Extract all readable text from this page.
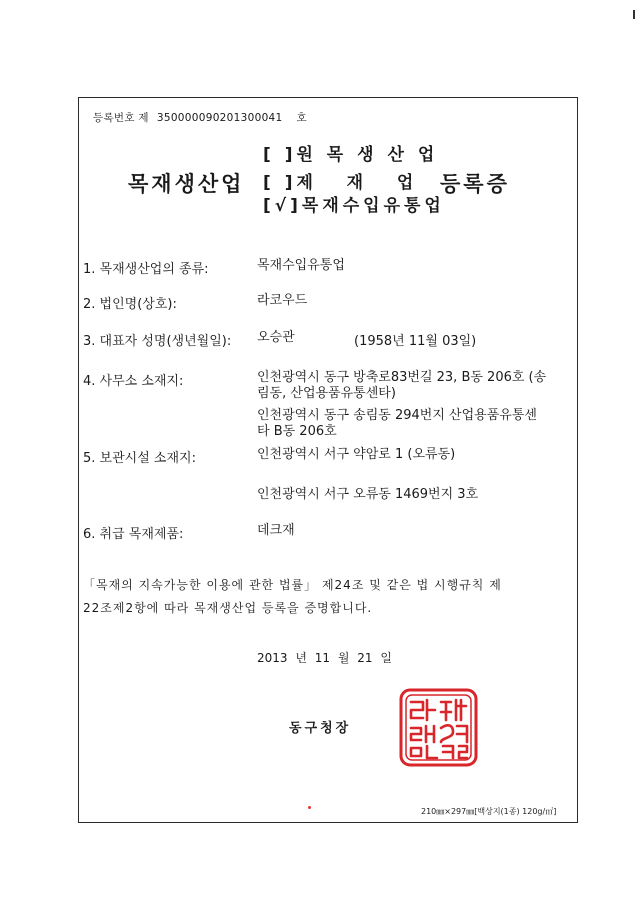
등록번호 제 350000090201300041 호
목재생산업
[ ]원 목 생 산 업
[ ]제   재   업
[√]목재수입유통업
등록증
1. 목재생산업의 종류:	목재수입유통업
2. 법인명(상호):	라코우드
3. 대표자 성명(생년월일): 오승관	(1958년 11월 03일)
4. 사무소 소재지:	인천광역시 동구 방축로83번길 23, B동 206호 (송
림동, 산업용품유통센타)
인천광역시 동구 송림동 294번지 산업용품유통센
타 B동 206호
5. 보관시설 소재지:	인천광역시 서구 약암로 1 (오류동)
인천광역시 서구 오류동 1469번지 3호
6. 취급 목재제품:	데크재
「목재의 지속가능한 이용에 관한 법률」 제24조 및 같은 법 시행규칙 제
22조제2항에 따라 목재생산업 등록을 증명합니다.
2013 년 11 월 21 일
동구청장
210㎜×297㎜[백상지(1종) 120g/㎡]
